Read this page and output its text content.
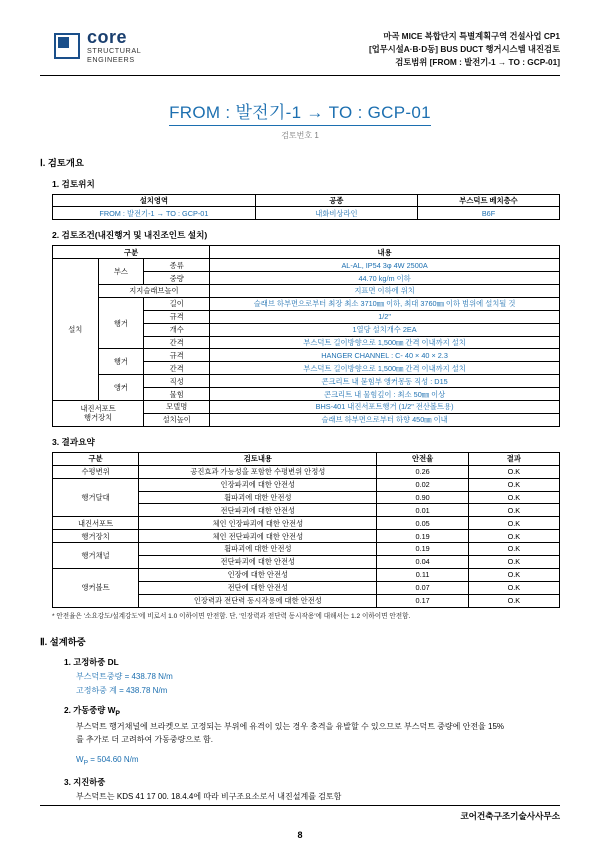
core
STRUCTURAL
ENGINEERS
마곡 MICE 복합단지 특별계획구역 건설사업 CP1
[업무시설A·B·D동] BUS DUCT 행거시스템 내진검토
검토범위 [FROM : 발전기-1 → TO : GCP-01]
FROM : 발전기-1 → TO : GCP-01
검토번호 1
Ⅰ. 검토개요
1. 검토위치
설치영역	공종	부스덕트 베치층수
FROM : 발전기-1 → TO : GCP-01	내화비상라인	B6F
2. 검토조건(내진행거 및 내진조인트 설치)
구분			내용
설치	부스	종류	AL-AL, IP54 3φ 4W 2500A
		중량	44.70 kg/m 이하
	지지슬래브높이		지표면 이하에 위치
	행거	길이	슬래브 하부면으로부터 최장 최소 3710㎜ 이하, 최대 3760㎜ 이하 범위에 설치될 것
		규격	1/2"
		개수	1열당 설치개수 2EA
		간격	부스덕트 길이방향으로 1,500㎜ 간격 이내까지 설치
	행거	규격	HANGER CHANNEL : C- 40 × 40 × 2.3
		간격	부스덕트 길이방향으로 1,500㎜ 간격 이내까지 설치
	앵커	직성	콘크리트 내 묻힘부 앵커몽동 직성 : D15
		물힘	콘크리트 내 물힘깊이 : 최소 50㎜ 이상
내진서포트
행거장치		모델명	BHS-401 내진서포트행거 (1/2" 전산볼트용)
		설치높이	슬래브 하부면으로부터 하향 450㎜ 이내
3. 결과요약
구분	검토내용	안전율	결과
수평변위	공진효과 가능성을 포함한 수평변위 안정성	0.26	O.K
행거달대	인장파괴에 대한 안전성	0.02	O.K
	휨파괴에 대한 안전성	0.90	O.K
	전단파괴에 대한 안전성	0.01	O.K
내진서포트	체인 인장파괴에 대한 안전성	0.05	O.K
행거장치	체인 전단파괴에 대한 안전성	0.19	O.K
행거채널	휨파괴에 대한 안전성	0.19	O.K
	전단파괴에 대한 안전성	0.04	O.K
앵커볼트	인장에 대한 안전성	0.11	O.K
	전단에 대한 안전성	0.07	O.K
	인장력과 전단력 동시작용에 대한 안전성	0.17	O.K
* 안전율은 '소요강도/설계강도'에 비로서 1.0 이하이면 안전함. 단, '인장력과 전단력 동시작용'에 대해서는 1.2 이하이면 안전함.
Ⅱ. 설계하중
1. 고정하중 DL
부스덕트중량 = 438.78 N/m
고정하중 계 = 438.78 N/m
2. 가동중량 $W_P$
부스덕트 행거채널에 브라켓으로 고정되는 부위에 유격이 있는 경우 충격을 유발할 수 있으므로 부스덕트 중량에 안전율 15%
를 추가로 더 고려하여 가동중량으로 함.
$W_P = 504.60$ N/m
3. 지진하중
부스덕트는 KDS 41 17 00. 18.4.4에 따라 비구조요소로서 내진설계를 검토함
코어건축구조기술사사무소
8
